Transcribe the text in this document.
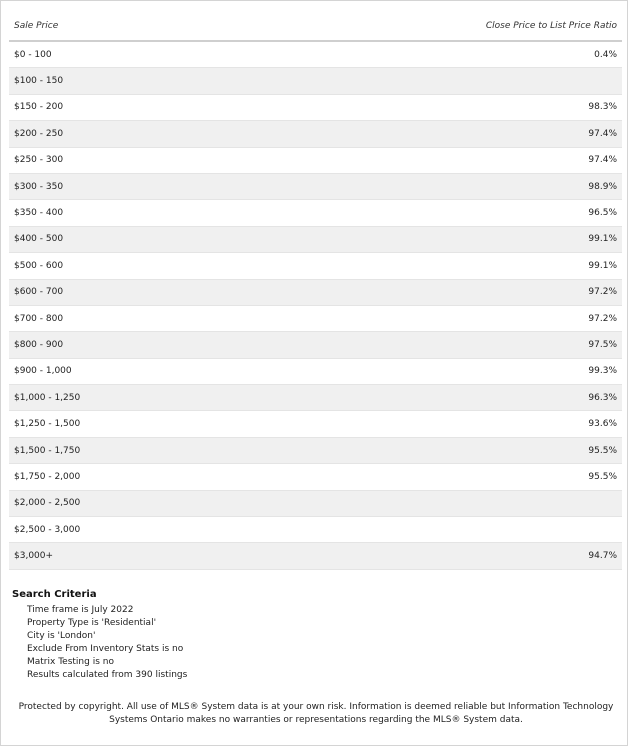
Sale Price	Close Price to List Price Ratio
$0 - 100	0.4%
$100 - 150
$150 - 200	98.3%
$200 - 250	97.4%
$250 - 300	97.4%
$300 - 350	98.9%
$350 - 400	96.5%
$400 - 500	99.1%
$500 - 600	99.1%
$600 - 700	97.2%
$700 - 800	97.2%
$800 - 900	97.5%
$900 - 1,000	99.3%
$1,000 - 1,250	96.3%
$1,250 - 1,500	93.6%
$1,500 - 1,750	95.5%
$1,750 - 2,000	95.5%
$2,000 - 2,500
$2,500 - 3,000
$3,000+	94.7%
Search Criteria
Time frame is July 2022
Property Type is 'Residential'
City is 'London'
Exclude From Inventory Stats is no
Matrix Testing is no
Results calculated from 390 listings
Protected by copyright. All use of MLS® System data is at your own risk. Information is deemed reliable but Information Technology
Systems Ontario makes no warranties or representations regarding the MLS® System data.
